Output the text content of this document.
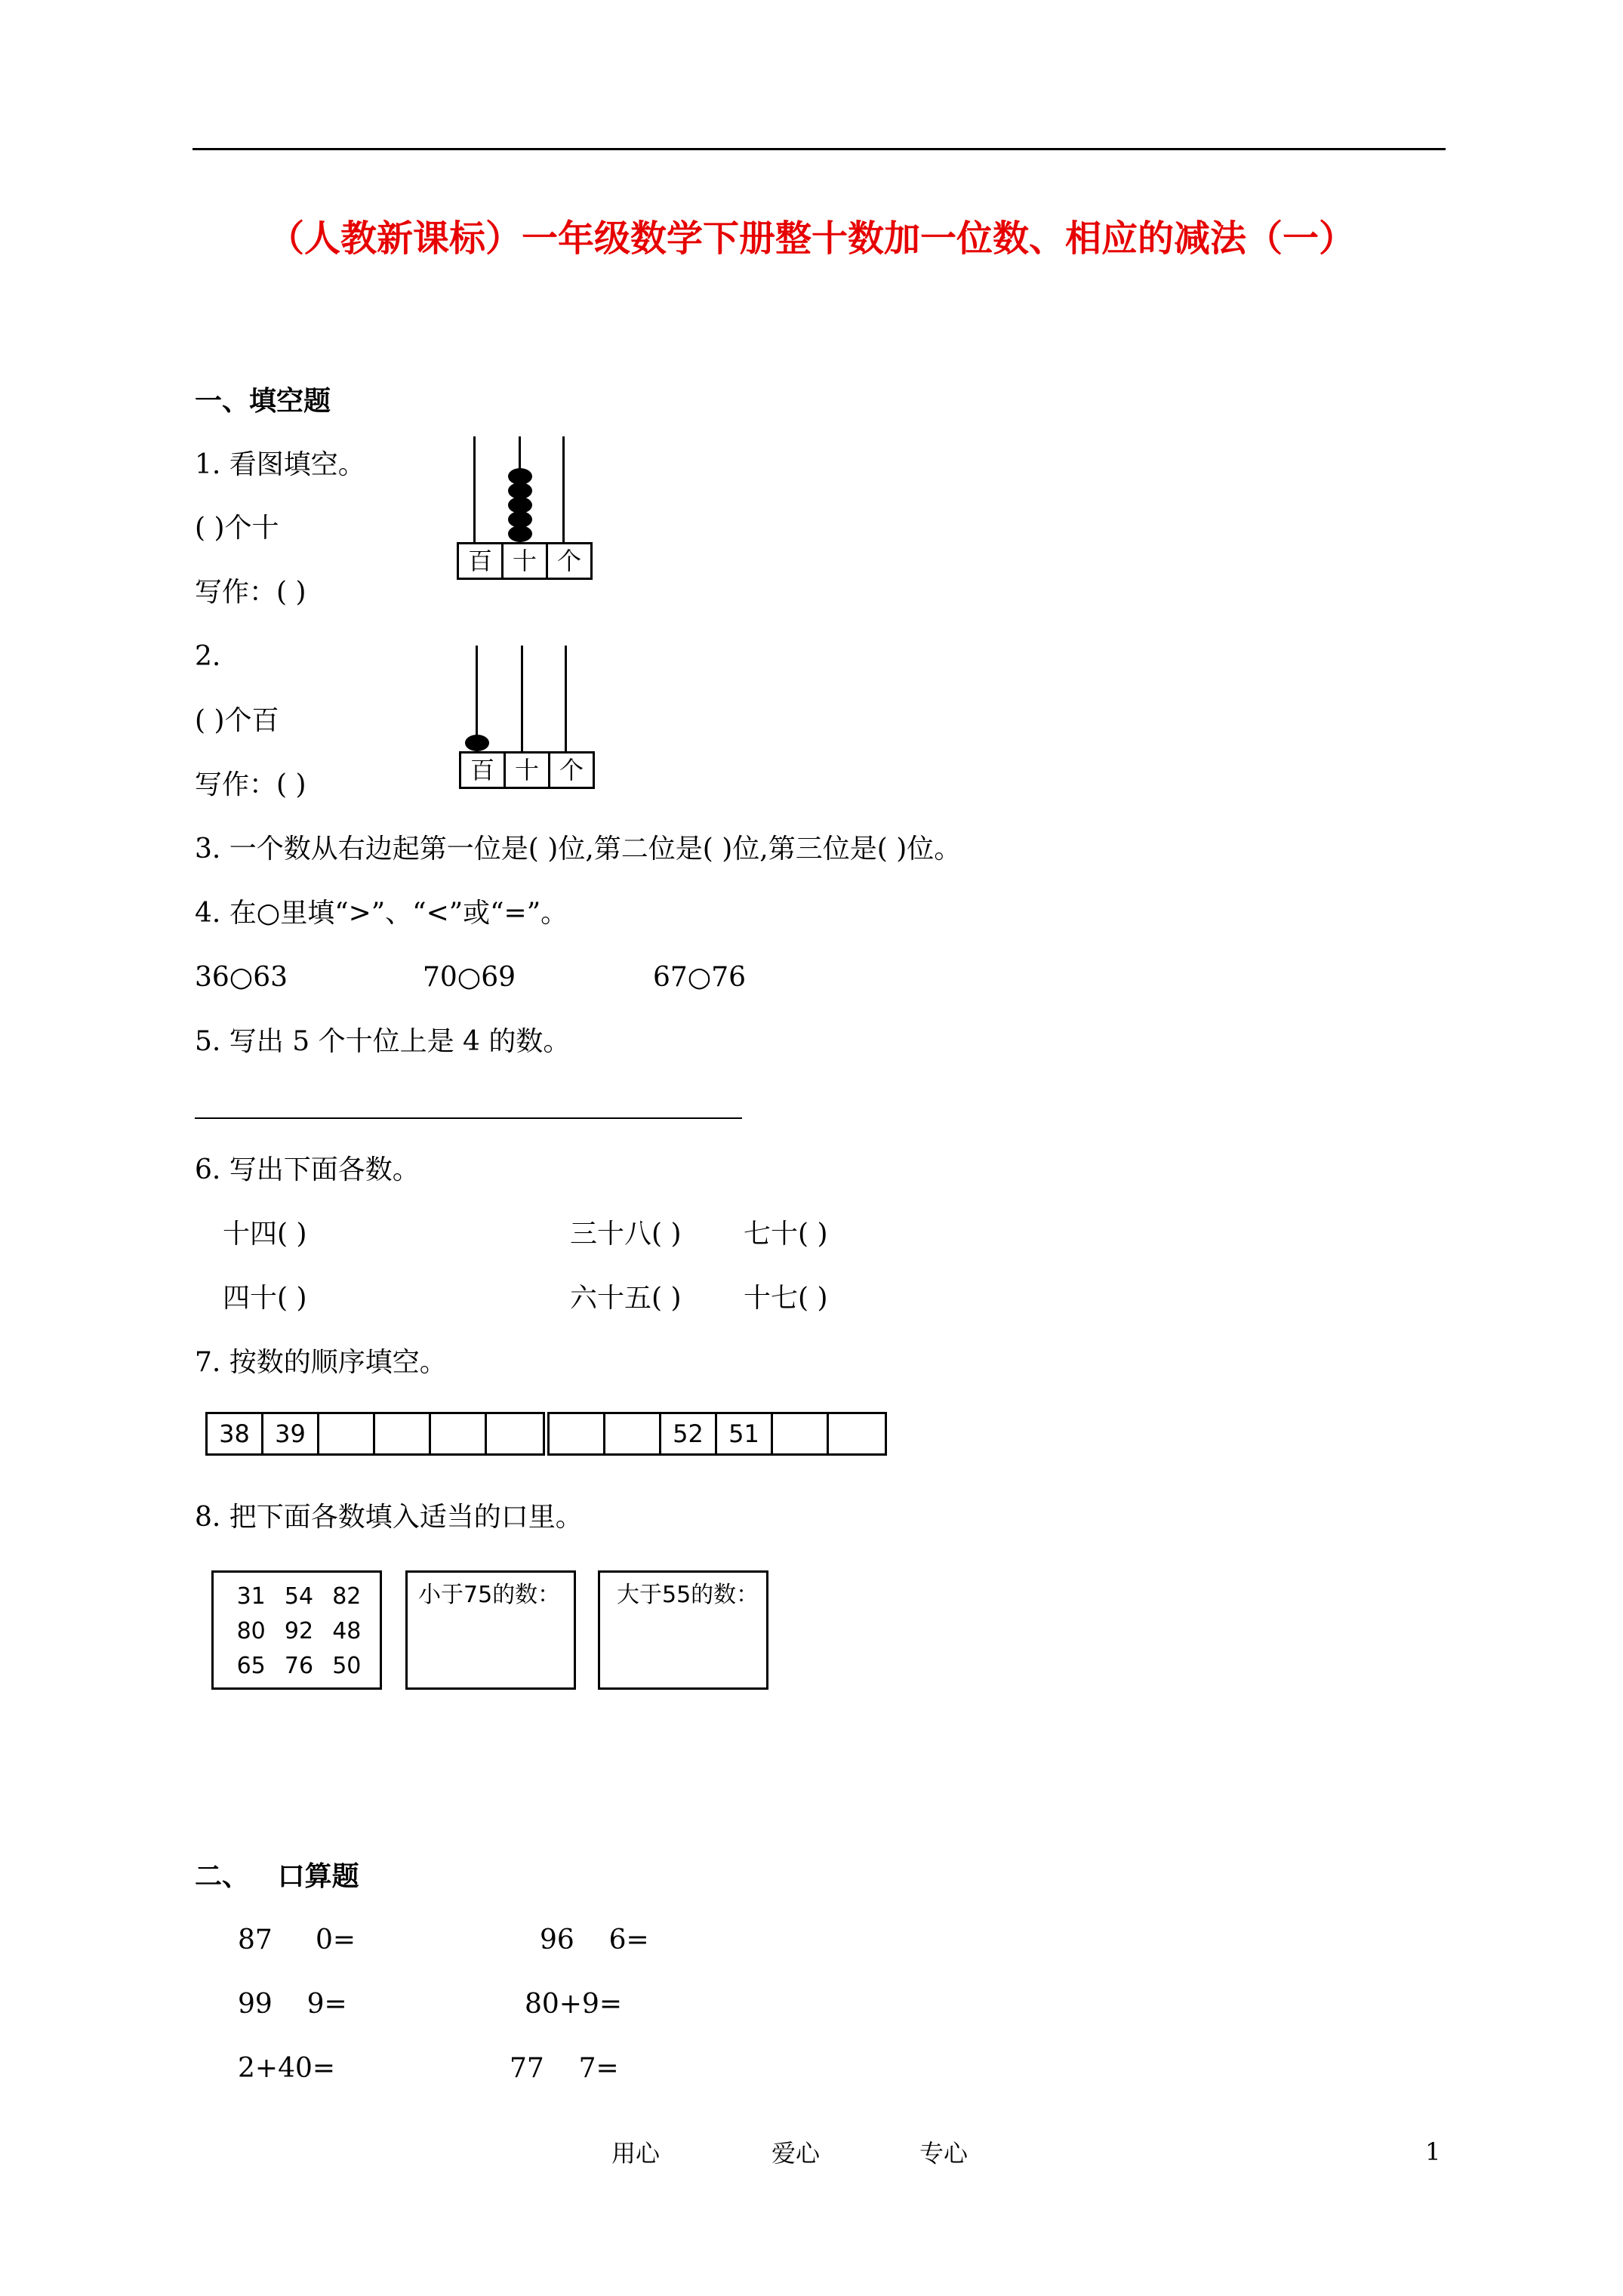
（人教新课标）一年级数学下册整十数加一位数、相应的减法（一）
一、填空题
1. 看图填空。
( )个十
写作：( )
百 十 个
2.
( )个百
写作：( )	百 十 个
3. 一个数从右边起第一位是( )位,第二位是( )位,第三位是( )位。
4. 在○里填“>”、“<”或“=”。
36○63	70○69	67○76
5. 写出 5 个十位上是 4 的数。
6. 写出下面各数。
十四( )	三十八( ) 七十( )
四十( )	六十五( ) 十七( )
7. 按数的顺序填空。
38	39	52	51
8. 把下面各数填入适当的口里。
31 54 82
80 92 48
65 76 50
小于75的数： 大于55的数：
二、   口算题
87     0=	96    6=
99    9=	80+9=
2+40=	77    7=
用心	爱心	专心	1
